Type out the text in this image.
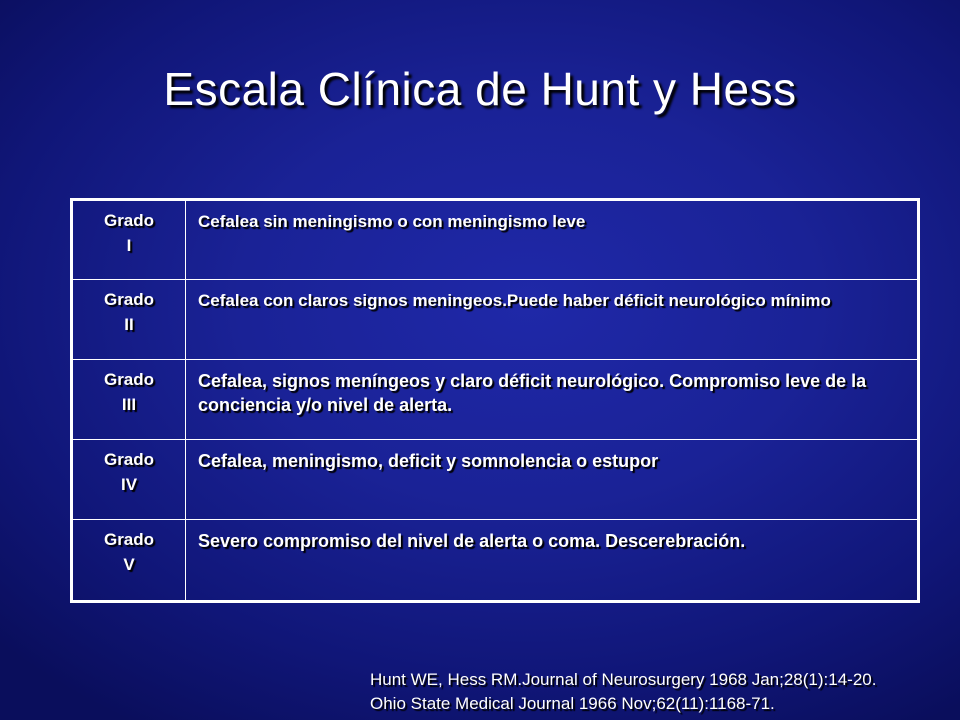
Escala Clínica de Hunt y Hess
Grado
I	Cefalea sin meningismo o con meningismo leve

Grado
II	Cefalea con claros signos meningeos.Puede haber déficit neurológico mínimo

Grado
III	Cefalea, signos meníngeos y claro déficit neurológico. Compromiso leve de la conciencia y/o nivel de alerta.

Grado
IV	Cefalea, meningismo, deficit y somnolencia o estupor

Grado
V	Severo compromiso del nivel de alerta o coma. Descerebración.
Hunt WE, Hess RM.Journal of Neurosurgery 1968 Jan;28(1):14-20.
Ohio State Medical Journal 1966 Nov;62(11):1168-71.
